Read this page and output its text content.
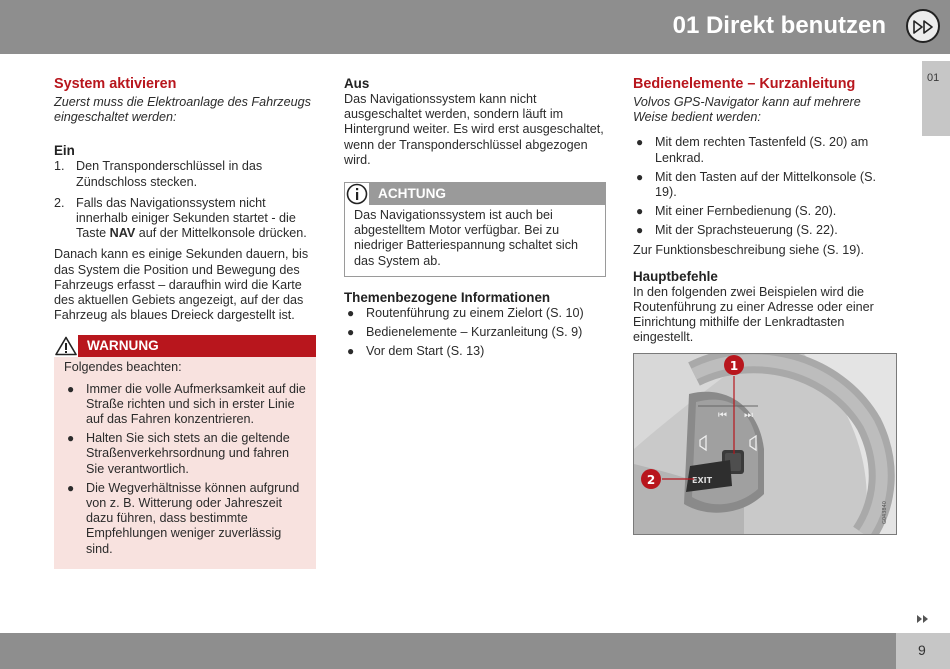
01 Direkt benutzen
01
System aktivieren

Zuerst muss die Elektroanlage des Fahrzeugs eingeschaltet werden:

Ein
1. Den Transponderschlüssel in das Zündschloss stecken.
2. Falls das Navigationssystem nicht innerhalb einiger Sekunden startet - die Taste NAV auf der Mittelkonsole drücken.

Danach kann es einige Sekunden dauern, bis das System die Position und Bewegung des Fahrzeugs erfasst – daraufhin wird die Karte des aktuellen Gebiets angezeigt, auf der das Fahrzeug als blaues Dreieck dargestellt ist.

WARNUNG

Folgendes beachten:

● Immer die volle Aufmerksamkeit auf die Straße richten und sich in erster Linie auf das Fahren konzentrieren.
● Halten Sie sich stets an die geltende Straßenverkehrsordnung und fahren Sie verantwortlich.
● Die Wegverhältnisse können aufgrund von z. B. Witterung oder Jahreszeit dazu führen, dass bestimmte Empfehlungen weniger zuverlässig sind.
Aus

Das Navigationssystem kann nicht ausgeschaltet werden, sondern läuft im Hintergrund weiter. Es wird erst ausgeschaltet, wenn der Transponderschlüssel abgezogen wird.

ACHTUNG

Das Navigationssystem ist auch bei abgestelltem Motor verfügbar. Bei zu niedriger Batteriespannung schaltet sich das System ab.

Themenbezogene Informationen
● Routenführung zu einem Zielort (S. 10)
● Bedienelemente – Kurzanleitung (S. 9)
● Vor dem Start (S. 13)
Bedienelemente – Kurzanleitung

Volvos GPS-Navigator kann auf mehrere Weise bedient werden:

● Mit dem rechten Tastenfeld (S. 20) am Lenkrad.
● Mit den Tasten auf der Mittelkonsole (S. 19).
● Mit einer Fernbedienung (S. 20).
● Mit der Sprachsteuerung (S. 22).

Zur Funktionsbeschreibung siehe (S. 19).

Hauptbefehle

In den folgenden zwei Beispielen wird die Routenführung zu einer Adresse oder einer Einrichtung mithilfe der Lenkradtasten eingestellt.

⏮ ⏭
EXIT
1
2
G043840
9
